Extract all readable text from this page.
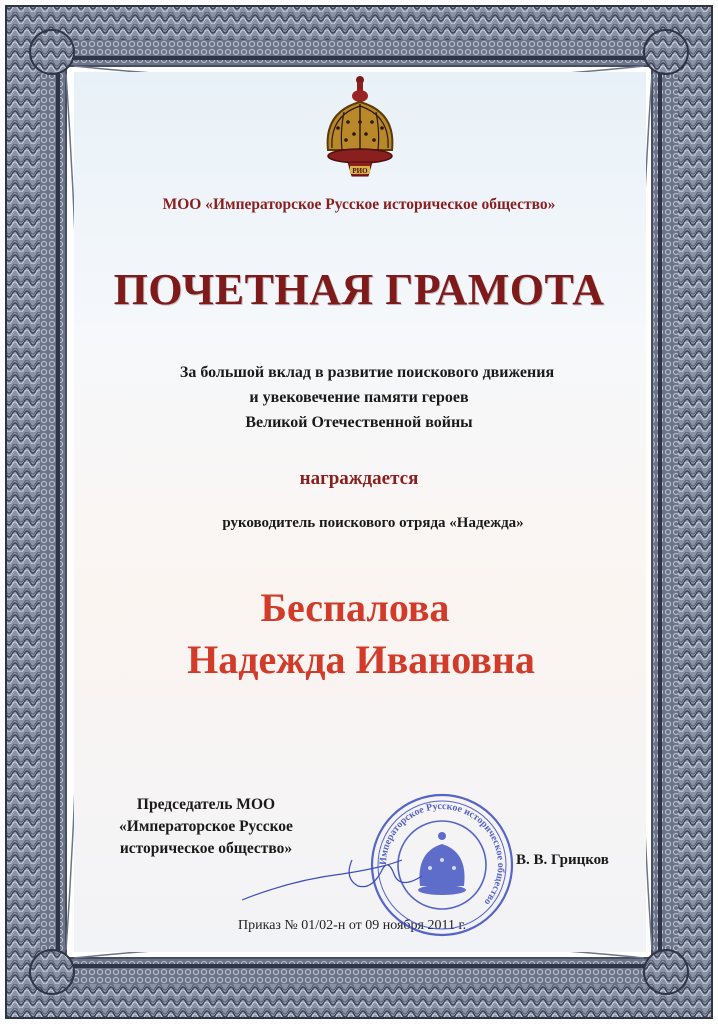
РИО
МОО «Императорское Русское историческое общество»
ПОЧЕТНАЯ ГРАМОТА
За большой вклад в развитие поискового движения
и увековечение памяти героев
Великой Отечественной войны
награждается
руководитель поискового отряда «Надежда»
Беспалова
Надежда Ивановна
Председатель МОО
«Императорское Русское
историческое общество»
В. В. Грицков
Приказ № 01/02-н от 09 ноября 2011 г.
Императорское Русское историческое общество
